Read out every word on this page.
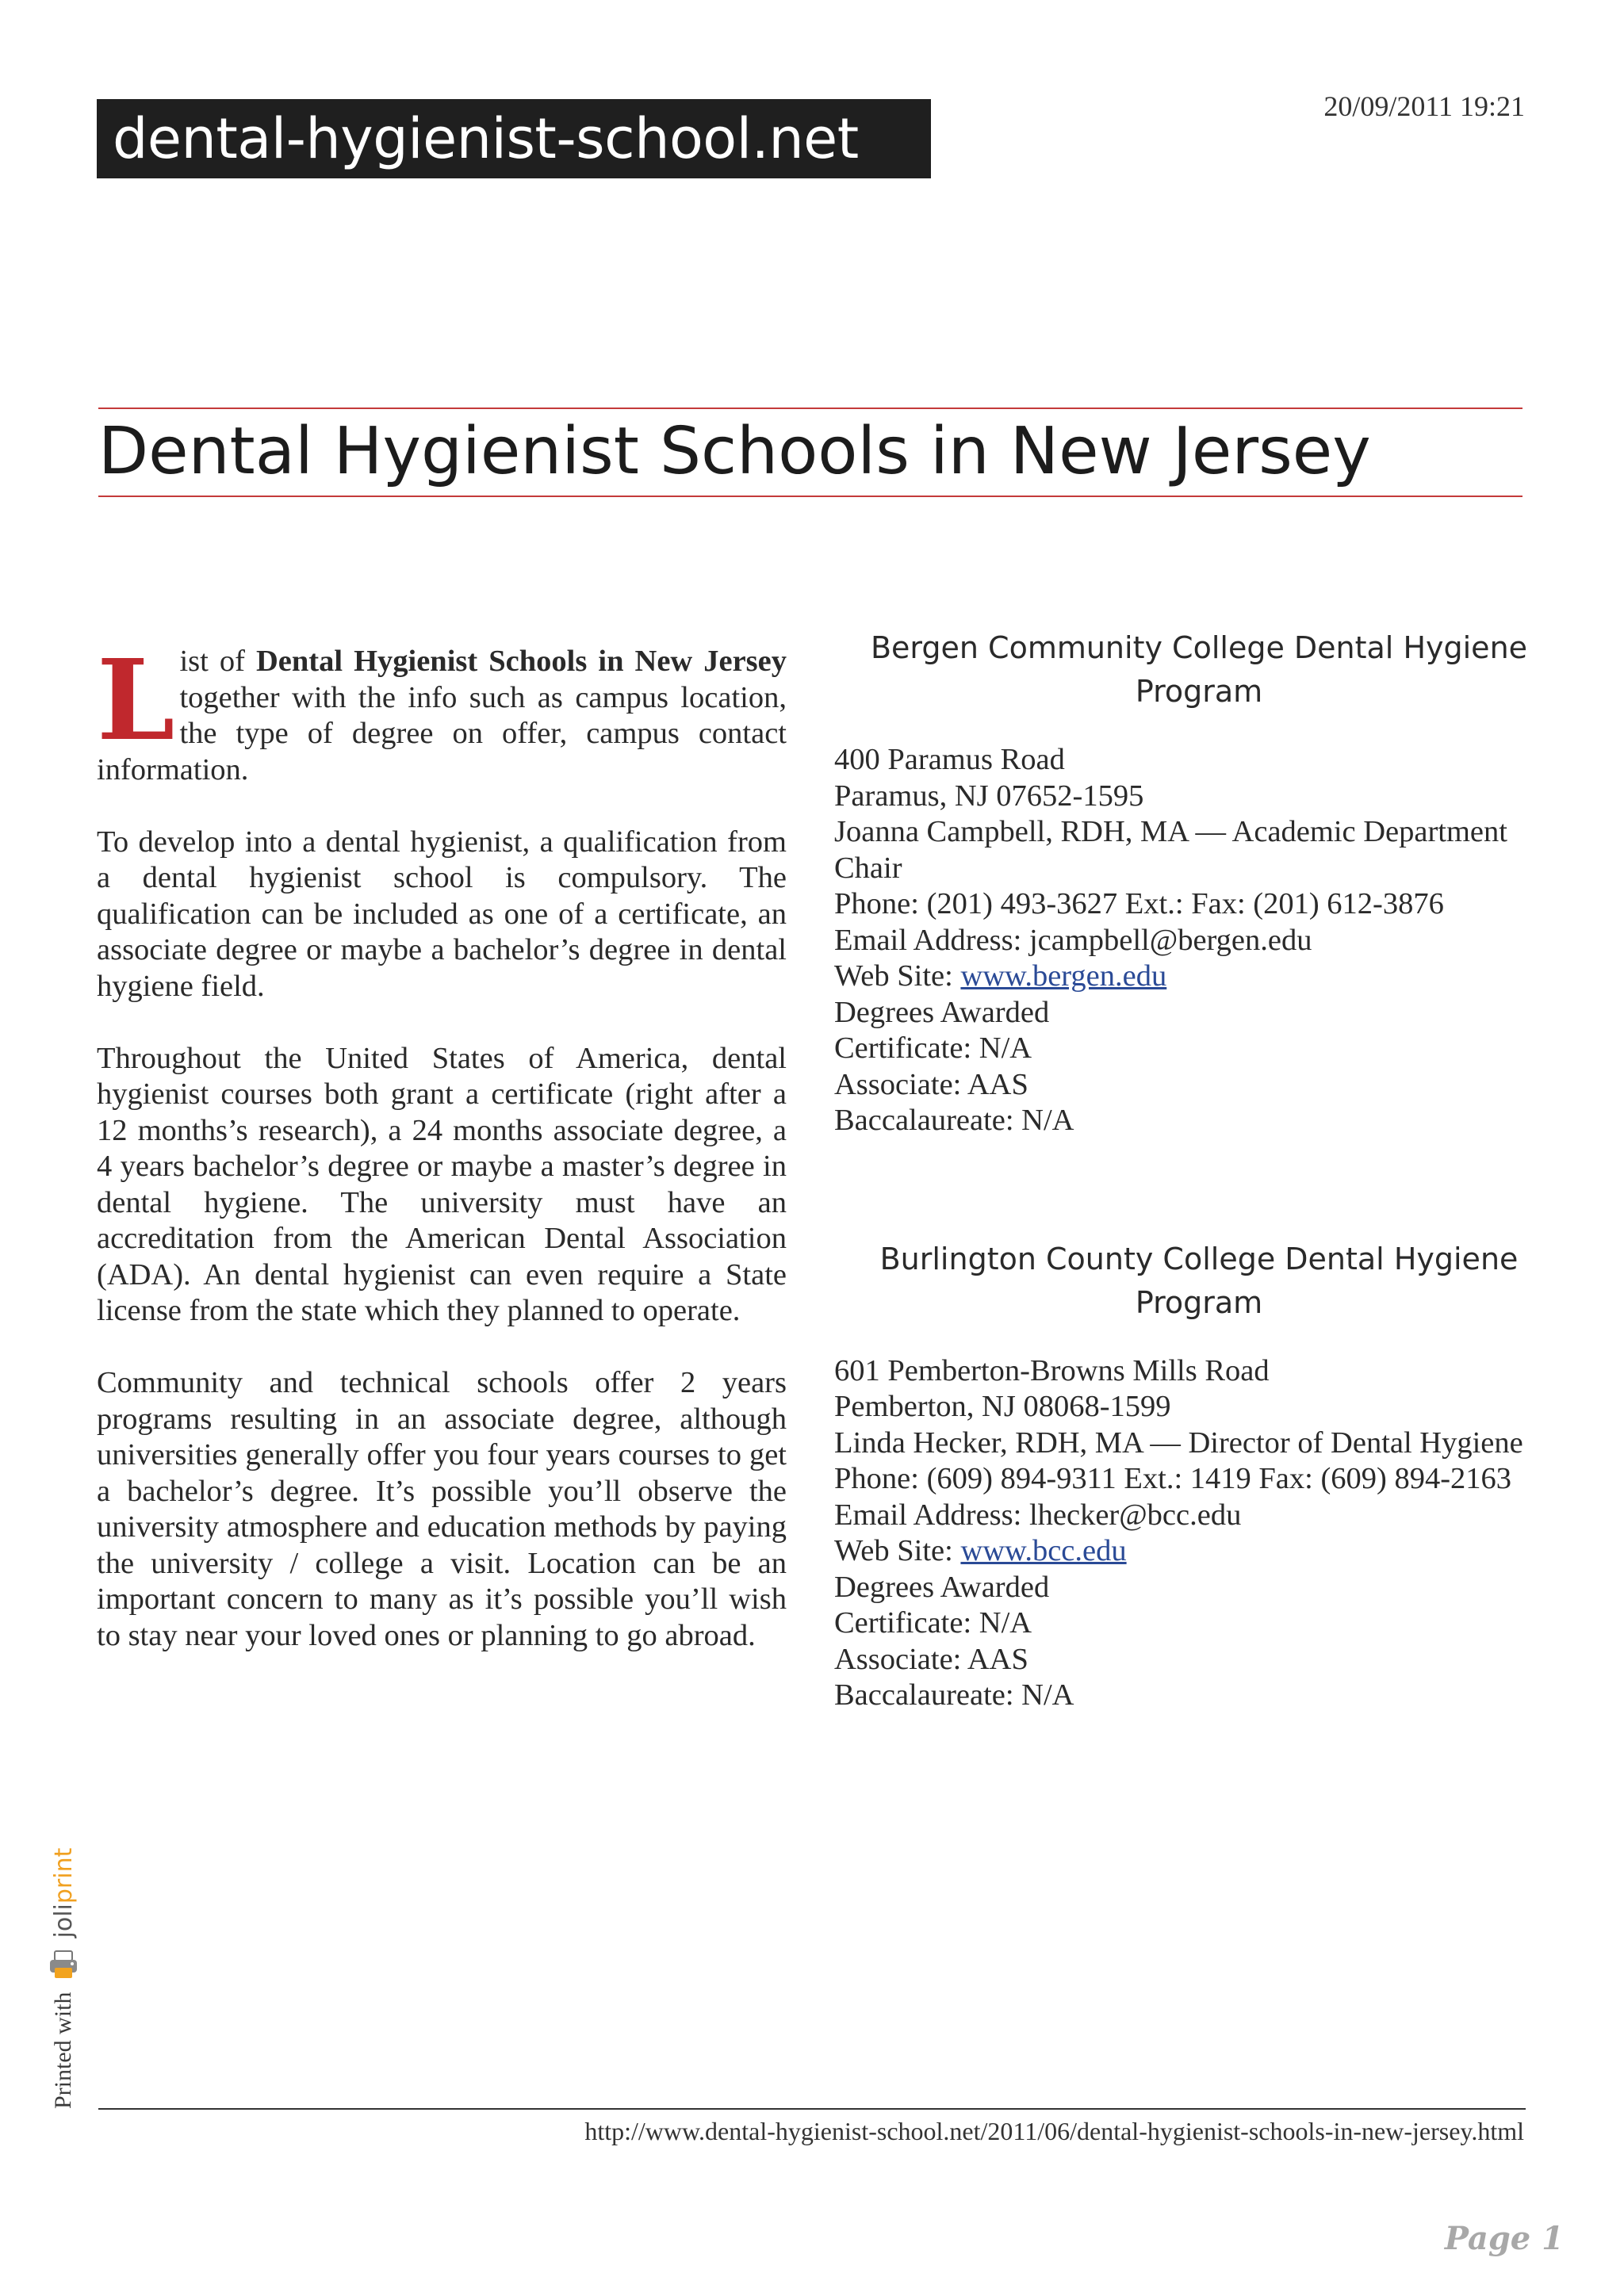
dental-hygienist-school.net	20/09/2011 19:21
Dental Hygienist Schools in New Jersey

List of Dental Hygienist Schools in New Jersey together with the info such as campus location, the type of degree on offer, campus contact information.

To develop into a dental hygienist, a qualification from a dental hygienist school is compulsory. The qualification can be included as one of a certificate, an associate degree or maybe a bachelor’s degree in dental hygiene field.

Throughout the United States of America, dental hygienist courses both grant a certificate (right after a 12 months’s research), a 24 months associate degree, a 4 years bachelor’s degree or maybe a master’s degree in dental hygiene. The university must have an accreditation from the American Dental Association (ADA). An dental hygienist can even require a State license from the state which they planned to operate.

Community and technical schools offer 2 years programs resulting in an associate degree, although universities generally offer you four years courses to get a bachelor’s degree. It’s possible you’ll observe the university atmosphere and education methods by paying the university / college a visit. Location can be an important concern to many as it’s possible you’ll wish to stay near your loved ones or planning to go abroad.

Bergen Community College Dental Hygiene Program
400 Paramus Road
Paramus, NJ 07652-1595
Joanna Campbell, RDH, MA — Academic Department Chair
Phone: (201) 493-3627 Ext.: Fax: (201) 612-3876
Email Address: jcampbell@bergen.edu
Web Site: www.bergen.edu
Degrees Awarded
Certificate: N/A
Associate: AAS
Baccalaureate: N/A
Burlington County College Dental Hygiene Program
601 Pemberton-Browns Mills Road
Pemberton, NJ 08068-1599
Linda Hecker, RDH, MA — Director of Dental Hygiene
Phone: (609) 894-9311 Ext.: 1419 Fax: (609) 894-2163
Email Address: lhecker@bcc.edu
Web Site: www.bcc.edu
Degrees Awarded
Certificate: N/A
Associate: AAS
Baccalaureate: N/A
Printed with
joliprint
http://www.dental-hygienist-school.net/2011/06/dental-hygienist-schools-in-new-jersey.html
Page 1
